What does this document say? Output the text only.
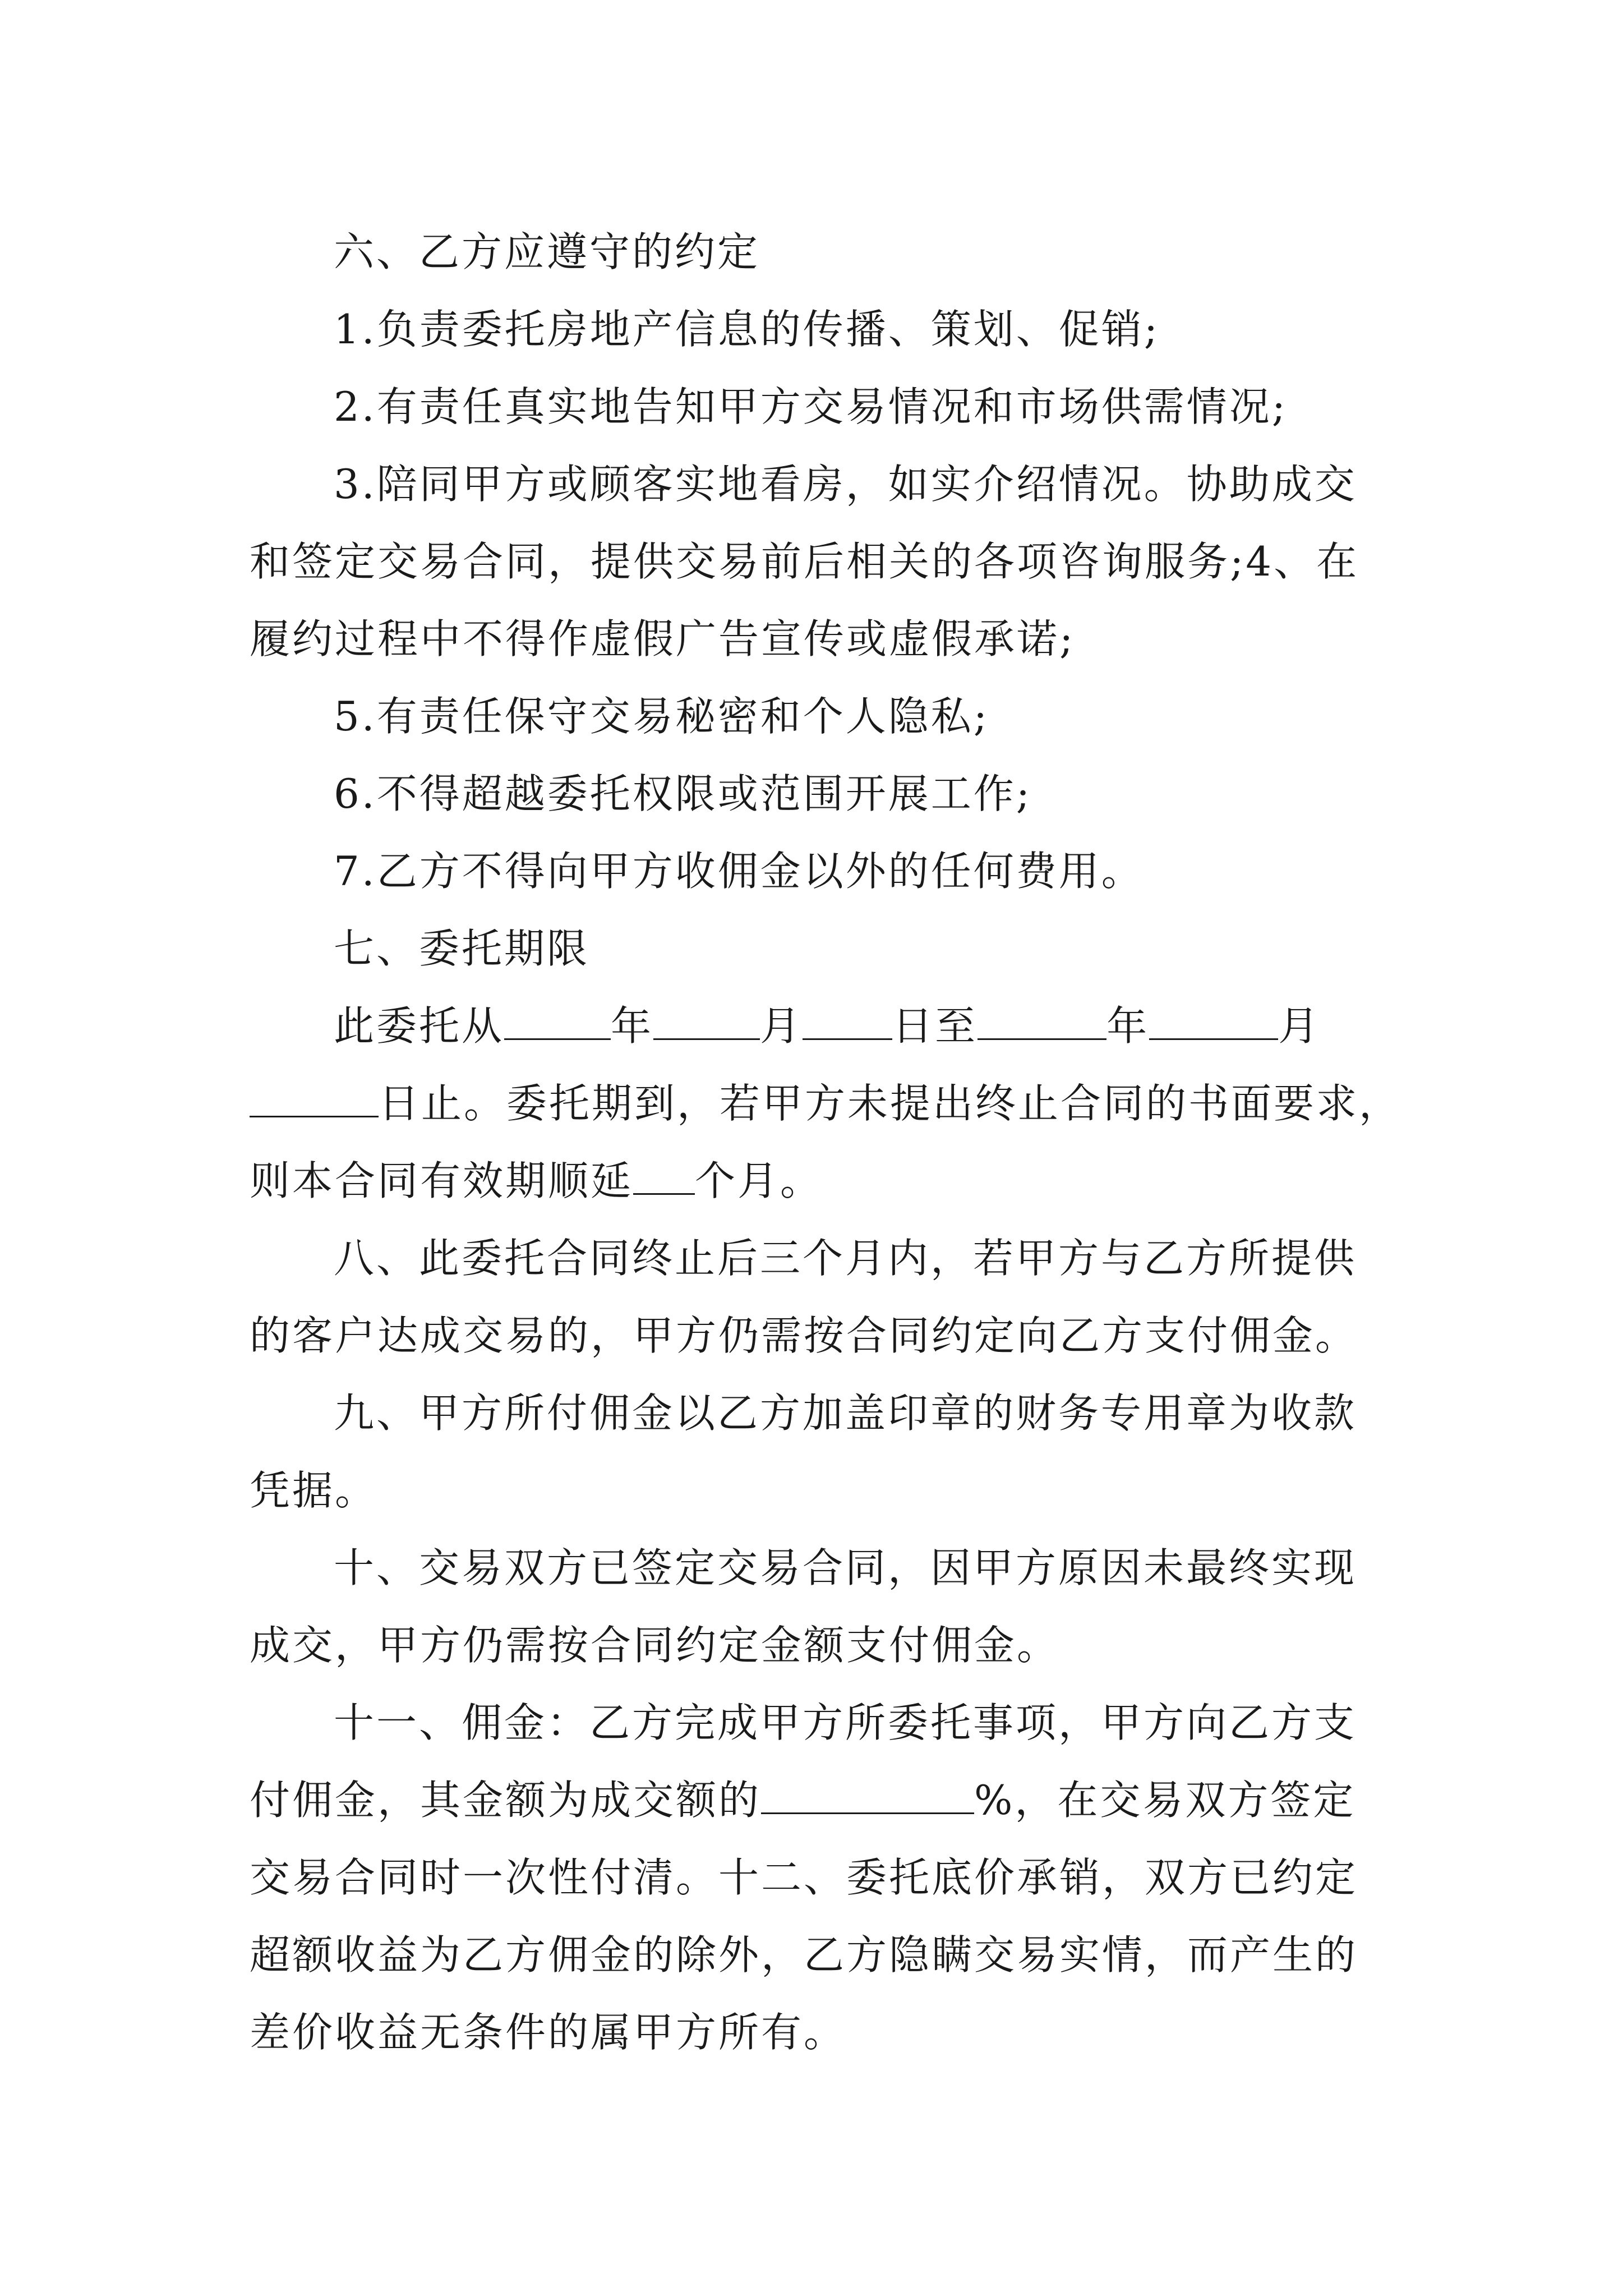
六、乙方应遵守的约定
1.负责委托房地产信息的传播、策划、促销;
2.有责任真实地告知甲方交易情况和市场供需情况;
3.陪同甲方或顾客实地看房，如实介绍情况。协助成交
和签定交易合同，提供交易前后相关的各项咨询服务;4、在
履约过程中不得作虚假广告宣传或虚假承诺;
5.有责任保守交易秘密和个人隐私;
6.不得超越委托权限或范围开展工作;
7.乙方不得向甲方收佣金以外的任何费用。
七、委托期限
此委托从	年	月 日至	年	月
日止。委托期到，若甲方未提出终止合同的书面要求，
则本合同有效期顺延 个月。
八、此委托合同终止后三个月内，若甲方与乙方所提供
的客户达成交易的，甲方仍需按合同约定向乙方支付佣金。
九、甲方所付佣金以乙方加盖印章的财务专用章为收款
凭据。
十、交易双方已签定交易合同，因甲方原因未最终实现
成交，甲方仍需按合同约定金额支付佣金。
十一、佣金：乙方完成甲方所委托事项，甲方向乙方支
付佣金，其金额为成交额的	%，在交易双方签定
交易合同时一次性付清。十二、委托底价承销，双方已约定
超额收益为乙方佣金的除外，乙方隐瞒交易实情，而产生的
差价收益无条件的属甲方所有。
